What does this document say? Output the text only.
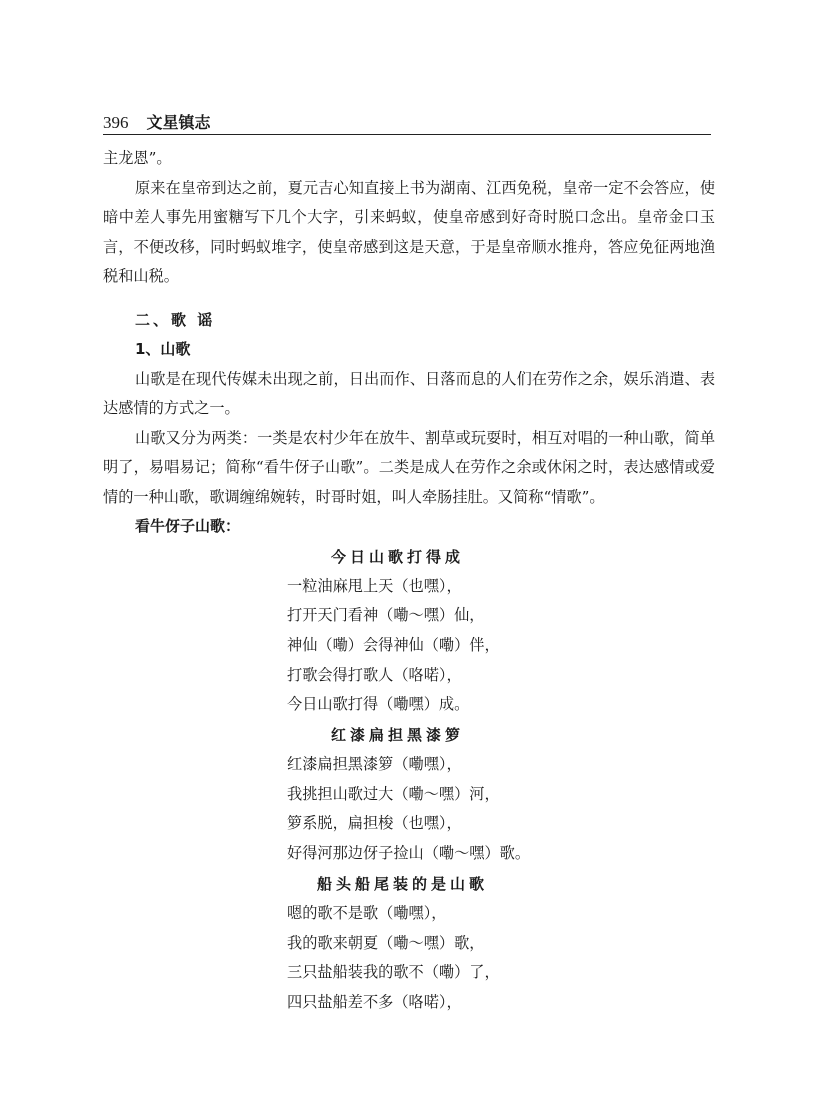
396 文星镇志

主龙恩”。

原来在皇帝到达之前，夏元吉心知直接上书为湖南、江西免税，皇帝一定不会答应，使暗中差人事先用蜜糖写下几个大字，引来蚂蚁，使皇帝感到好奇时脱口念出。皇帝金口玉言，不便改移，同时蚂蚁堆字，使皇帝感到这是天意，于是皇帝顺水推舟，答应免征两地渔税和山税。

二、歌 谣

1、山歌

山歌是在现代传媒未出现之前，日出而作、日落而息的人们在劳作之余，娱乐消遣、表达感情的方式之一。

山歌又分为两类：一类是农村少年在放牛、割草或玩耍时，相互对唱的一种山歌，简单明了，易唱易记；简称“看牛伢子山歌”。二类是成人在劳作之余或休闲之时，表达感情或爱情的一种山歌，歌调缠绵婉转，时哥时姐，叫人牵肠挂肚。又简称“情歌”。

看牛伢子山歌：

今日山歌打得成
一粒油麻甩上天（也嘿），
打开天门看神（嘞～嘿）仙，
神仙（嘞）会得神仙（嘞）伴，
打歌会得打歌人（咯喏），
今日山歌打得（嘞嘿）成。
红漆扁担黑漆箩
红漆扁担黑漆箩（嘞嘿），
我挑担山歌过大（嘞～嘿）河，
箩系脱，扁担梭（也嘿），
好得河那边伢子捡山（嘞～嘿）歌。
船头船尾装的是山歌
嗯的歌不是歌（嘞嘿），
我的歌来朝夏（嘞～嘿）歌，
三只盐船装我的歌不（嘞）了，
四只盐船差不多（咯喏），
